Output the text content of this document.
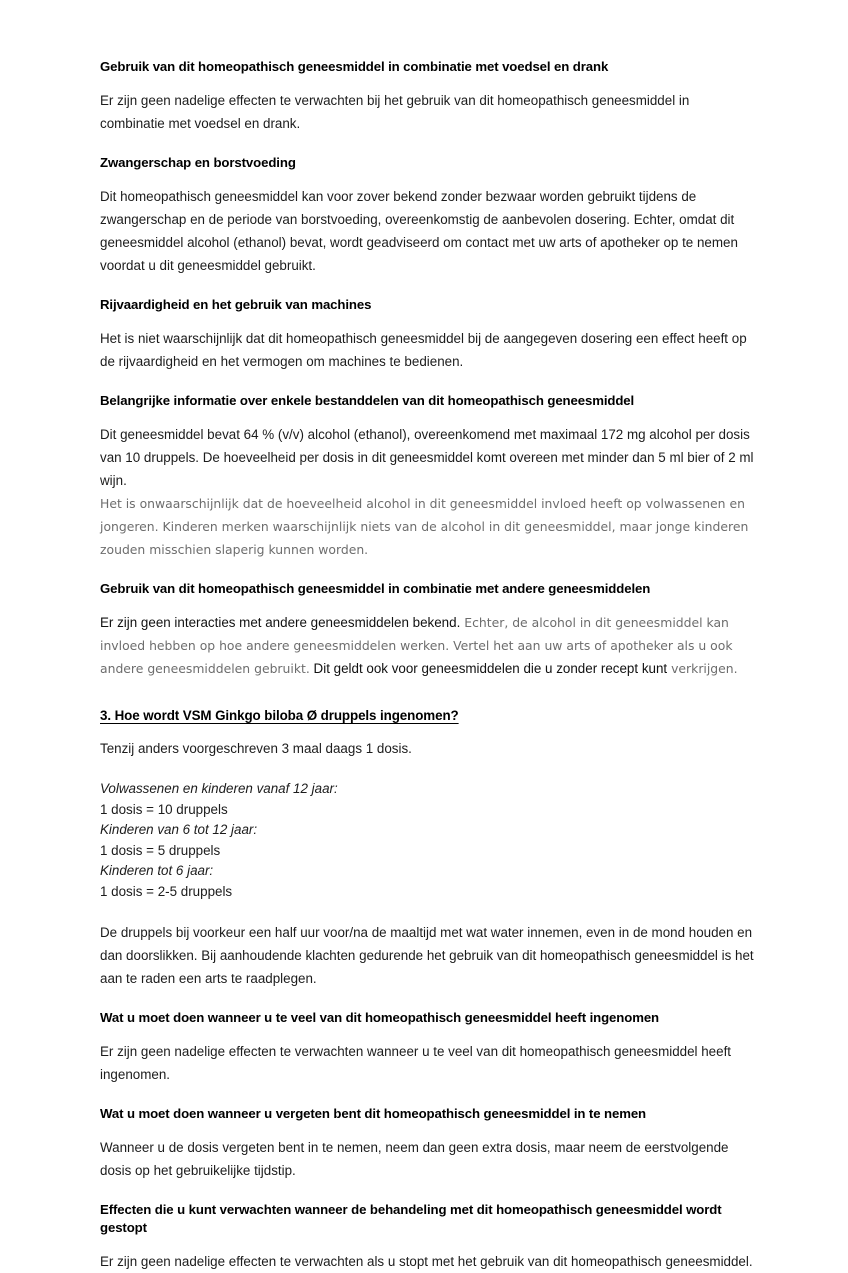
Gebruik van dit homeopathisch geneesmiddel in combinatie met voedsel en drank

Er zijn geen nadelige effecten te verwachten bij het gebruik van dit homeopathisch geneesmiddel in combinatie met voedsel en drank.

Zwangerschap en borstvoeding

Dit homeopathisch geneesmiddel kan voor zover bekend zonder bezwaar worden gebruikt tijdens de zwangerschap en de periode van borstvoeding, overeenkomstig de aanbevolen dosering. Echter, omdat dit geneesmiddel alcohol (ethanol) bevat, wordt geadviseerd om contact met uw arts of apotheker op te nemen voordat u dit geneesmiddel gebruikt.

Rijvaardigheid en het gebruik van machines

Het is niet waarschijnlijk dat dit homeopathisch geneesmiddel bij de aangegeven dosering een effect heeft op de rijvaardigheid en het vermogen om machines te bedienen.

Belangrijke informatie over enkele bestanddelen van dit homeopathisch geneesmiddel

Dit geneesmiddel bevat 64 % (v/v) alcohol (ethanol), overeenkomend met maximaal 172 mg alcohol per dosis van 10 druppels. De hoeveelheid per dosis in dit geneesmiddel komt overeen met minder dan 5 ml bier of 2 ml wijn.

Het is onwaarschijnlijk dat de hoeveelheid alcohol in dit geneesmiddel invloed heeft op volwassenen en jongeren. Kinderen merken waarschijnlijk niets van de alcohol in dit geneesmiddel, maar jonge kinderen zouden misschien slaperig kunnen worden.

Gebruik van dit homeopathisch geneesmiddel in combinatie met andere geneesmiddelen

Er zijn geen interacties met andere geneesmiddelen bekend. Echter, de alcohol in dit geneesmiddel kan invloed hebben op hoe andere geneesmiddelen werken. Vertel het aan uw arts of apotheker als u ook andere geneesmiddelen gebruikt. Dit geldt ook voor geneesmiddelen die u zonder recept kunt verkrijgen.

3. Hoe wordt VSM Ginkgo biloba Ø druppels ingenomen?

Tenzij anders voorgeschreven 3 maal daags 1 dosis.

Volwassenen en kinderen vanaf 12 jaar:
1 dosis = 10 druppels
Kinderen van 6 tot 12 jaar:
1 dosis = 5 druppels
Kinderen tot 6 jaar:
1 dosis = 2-5 druppels

De druppels bij voorkeur een half uur voor/na de maaltijd met wat water innemen, even in de mond houden en dan doorslikken. Bij aanhoudende klachten gedurende het gebruik van dit homeopathisch geneesmiddel is het aan te raden een arts te raadplegen.

Wat u moet doen wanneer u te veel van dit homeopathisch geneesmiddel heeft ingenomen

Er zijn geen nadelige effecten te verwachten wanneer u te veel van dit homeopathisch geneesmiddel heeft ingenomen.

Wat u moet doen wanneer u vergeten bent dit homeopathisch geneesmiddel in te nemen

Wanneer u de dosis vergeten bent in te nemen, neem dan geen extra dosis, maar neem de eerstvolgende dosis op het gebruikelijke tijdstip.

Effecten die u kunt verwachten wanneer de behandeling met dit homeopathisch geneesmiddel wordt gestopt

Er zijn geen nadelige effecten te verwachten als u stopt met het gebruik van dit homeopathisch geneesmiddel.
